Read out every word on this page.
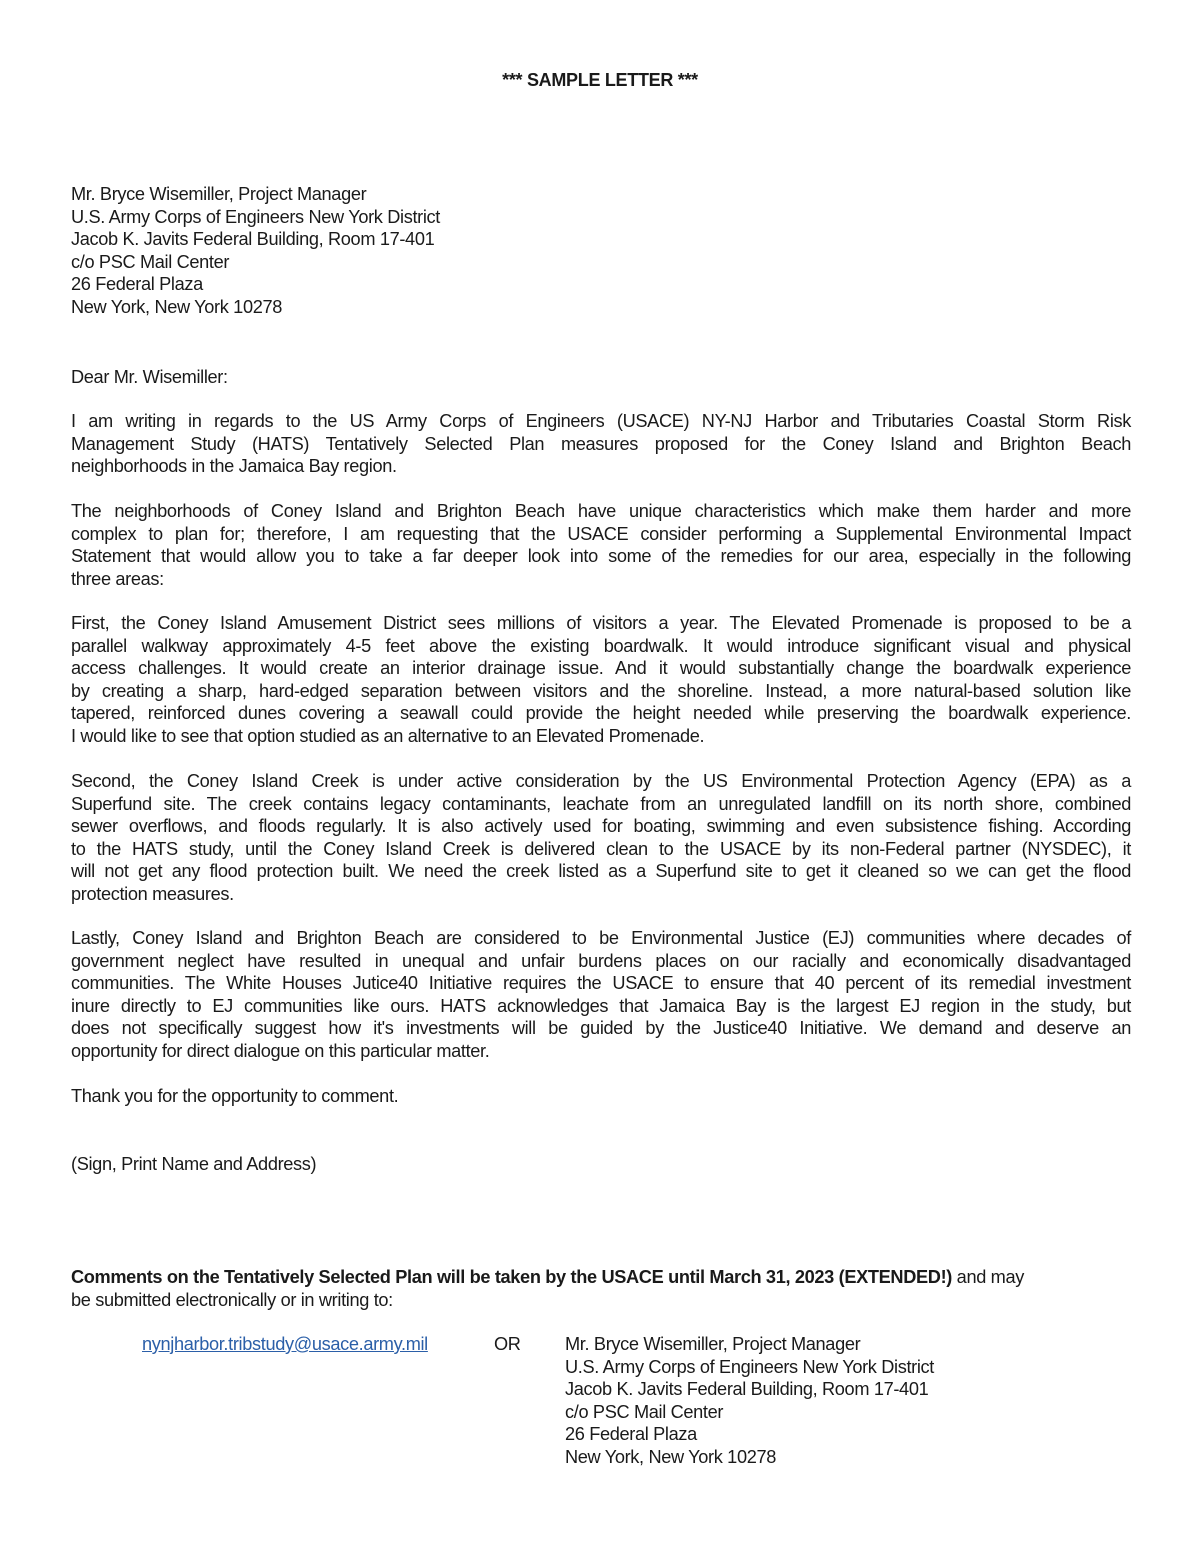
*** SAMPLE LETTER ***
Mr. Bryce Wisemiller, Project Manager
U.S. Army Corps of Engineers New York District
Jacob K. Javits Federal Building, Room 17-401
c/o PSC Mail Center
26 Federal Plaza
New York, New York 10278
Dear Mr. Wisemiller:
I am writing in regards to the US Army Corps of Engineers (USACE) NY-NJ Harbor and Tributaries Coastal Storm Risk
Management Study (HATS) Tentatively Selected Plan measures proposed for the Coney Island and Brighton Beach
neighborhoods in the Jamaica Bay region.
The neighborhoods of Coney Island and Brighton Beach have unique characteristics which make them harder and more
complex to plan for; therefore, I am requesting that the USACE consider performing a Supplemental Environmental Impact
Statement that would allow you to take a far deeper look into some of the remedies for our area, especially in the following
three areas:
First, the Coney Island Amusement District sees millions of visitors a year. The Elevated Promenade is proposed to be a
parallel walkway approximately 4-5 feet above the existing boardwalk. It would introduce significant visual and physical
access challenges. It would create an interior drainage issue. And it would substantially change the boardwalk experience
by creating a sharp, hard-edged separation between visitors and the shoreline. Instead, a more natural-based solution like
tapered, reinforced dunes covering a seawall could provide the height needed while preserving the boardwalk experience.
I would like to see that option studied as an alternative to an Elevated Promenade.
Second, the Coney Island Creek is under active consideration by the US Environmental Protection Agency (EPA) as a
Superfund site. The creek contains legacy contaminants, leachate from an unregulated landfill on its north shore, combined
sewer overflows, and floods regularly. It is also actively used for boating, swimming and even subsistence fishing. According
to the HATS study, until the Coney Island Creek is delivered clean to the USACE by its non-Federal partner (NYSDEC), it
will not get any flood protection built. We need the creek listed as a Superfund site to get it cleaned so we can get the flood
protection measures.
Lastly, Coney Island and Brighton Beach are considered to be Environmental Justice (EJ) communities where decades of
government neglect have resulted in unequal and unfair burdens places on our racially and economically disadvantaged
communities. The White Houses Jutice40 Initiative requires the USACE to ensure that 40 percent of its remedial investment
inure directly to EJ communities like ours. HATS acknowledges that Jamaica Bay is the largest EJ region in the study, but
does not specifically suggest how it's investments will be guided by the Justice40 Initiative. We demand and deserve an
opportunity for direct dialogue on this particular matter.
Thank you for the opportunity to comment.
(Sign, Print Name and Address)
Comments on the Tentatively Selected Plan will be taken by the USACE until March 31, 2023 (EXTENDED!) and may
be submitted electronically or in writing to:
nynjharbor.tribstudy@usace.army.mil	OR Mr. Bryce Wisemiller, Project Manager
U.S. Army Corps of Engineers New York District
Jacob K. Javits Federal Building, Room 17-401
c/o PSC Mail Center
26 Federal Plaza
New York, New York 10278
